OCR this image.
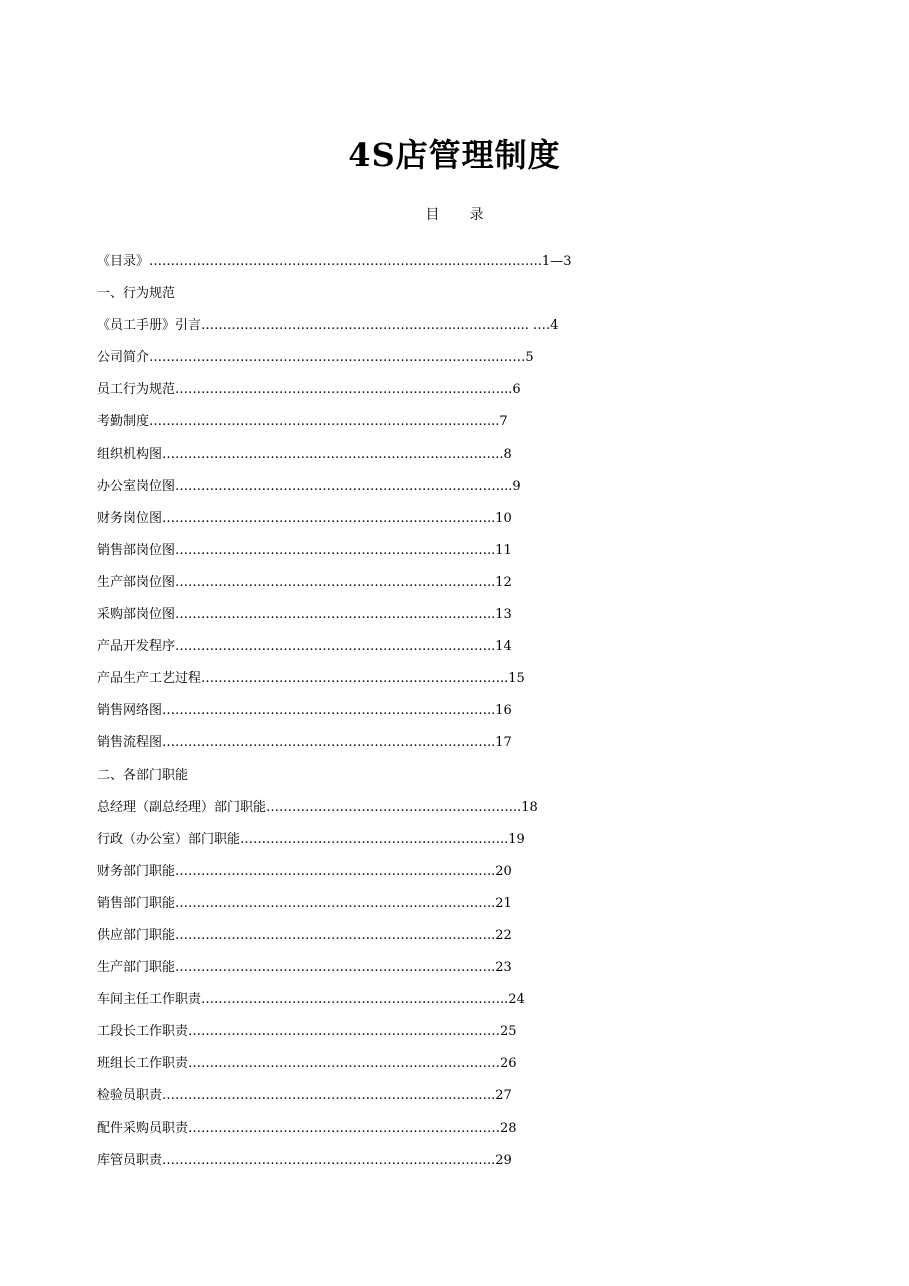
4S店管理制度
目 录
《目录》……………………………………………………………..……...………..1—3
一、行为规范
《员工手册》引言…………………………………………………...………….... .…4
公司简介……………………………………………………………………...……5
员工行为规范…………………………………………………………………...6
考勤制度……………………………………………………………………...7
组织机构图……………………………..……………………………………..8
办公室岗位图…………………………………………………………………...9
财务岗位图…………………………………………………………………..10
销售部岗位图………………………………………………………………..11
生产部岗位图………………………………………………………………..12
采购部岗位图………………………………………………………………..13
产品开发程序………………………………………………………………..14
产品生产工艺过程……………………………………………………………..15
销售网络图…………………………………………………………………..16
销售流程图…………………………………………………………………..17
二、各部门职能
总经理（副总经理）部门职能…………………………………………………..18
行政（办公室）部门职能……………………………………………………..19
财务部门职能………………………………………………………………..20
销售部门职能………………………………………………………………..21
供应部门职能………………………………………………………………..22
生产部门职能………………………………………………………………..23
车间主任工作职责……………………………………………………………..24
工段长工作职责………………………………………………………………25
班组长工作职责………………………………………………………………26
检验员职责…………………………………………………………………..27
配件采购员职责………………………………………………………………28
库管员职责…………………………………………………………………..29
